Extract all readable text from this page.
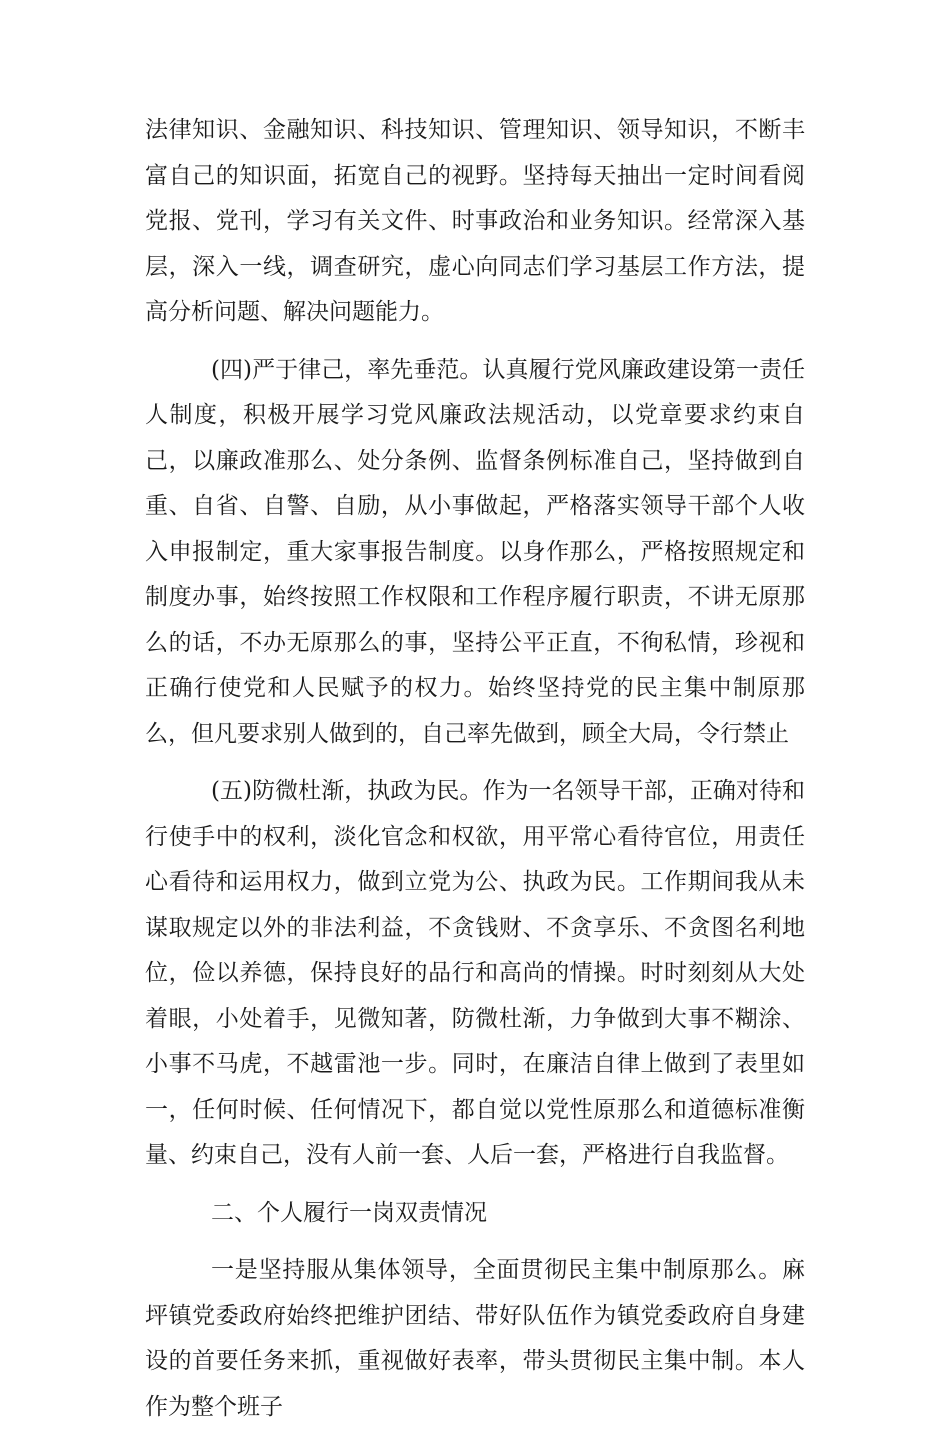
法律知识、金融知识、科技知识、管理知识、领导知识，不断丰富自己的知识面，拓宽自己的视野。坚持每天抽出一定时间看阅党报、党刊，学习有关文件、时事政治和业务知识。经常深入基层，深入一线，调查研究，虚心向同志们学习基层工作方法，提高分析问题、解决问题能力。

(四)严于律己，率先垂范。认真履行党风廉政建设第一责任人制度，积极开展学习党风廉政法规活动，以党章要求约束自己，以廉政准那么、处分条例、监督条例标准自己，坚持做到自重、自省、自警、自励，从小事做起，严格落实领导干部个人收入申报制定，重大家事报告制度。以身作那么，严格按照规定和制度办事，始终按照工作权限和工作程序履行职责，不讲无原那么的话，不办无原那么的事，坚持公平正直，不徇私情，珍视和正确行使党和人民赋予的权力。始终坚持党的民主集中制原那么，但凡要求别人做到的，自己率先做到，顾全大局，令行禁止

(五)防微杜渐，执政为民。作为一名领导干部，正确对待和行使手中的权利，淡化官念和权欲，用平常心看待官位，用责任心看待和运用权力，做到立党为公、执政为民。工作期间我从未谋取规定以外的非法利益，不贪钱财、不贪享乐、不贪图名利地位，俭以养德，保持良好的品行和高尚的情操。时时刻刻从大处着眼，小处着手，见微知著，防微杜渐，力争做到大事不糊涂、小事不马虎，不越雷池一步。同时，在廉洁自律上做到了表里如一，任何时候、任何情况下，都自觉以党性原那么和道德标准衡量、约束自己，没有人前一套、人后一套，严格进行自我监督。

二、个人履行一岗双责情况

一是坚持服从集体领导，全面贯彻民主集中制原那么。麻坪镇党委政府始终把维护团结、带好队伍作为镇党委政府自身建设的首要任务来抓，重视做好表率，带头贯彻民主集中制。本人作为整个班子
